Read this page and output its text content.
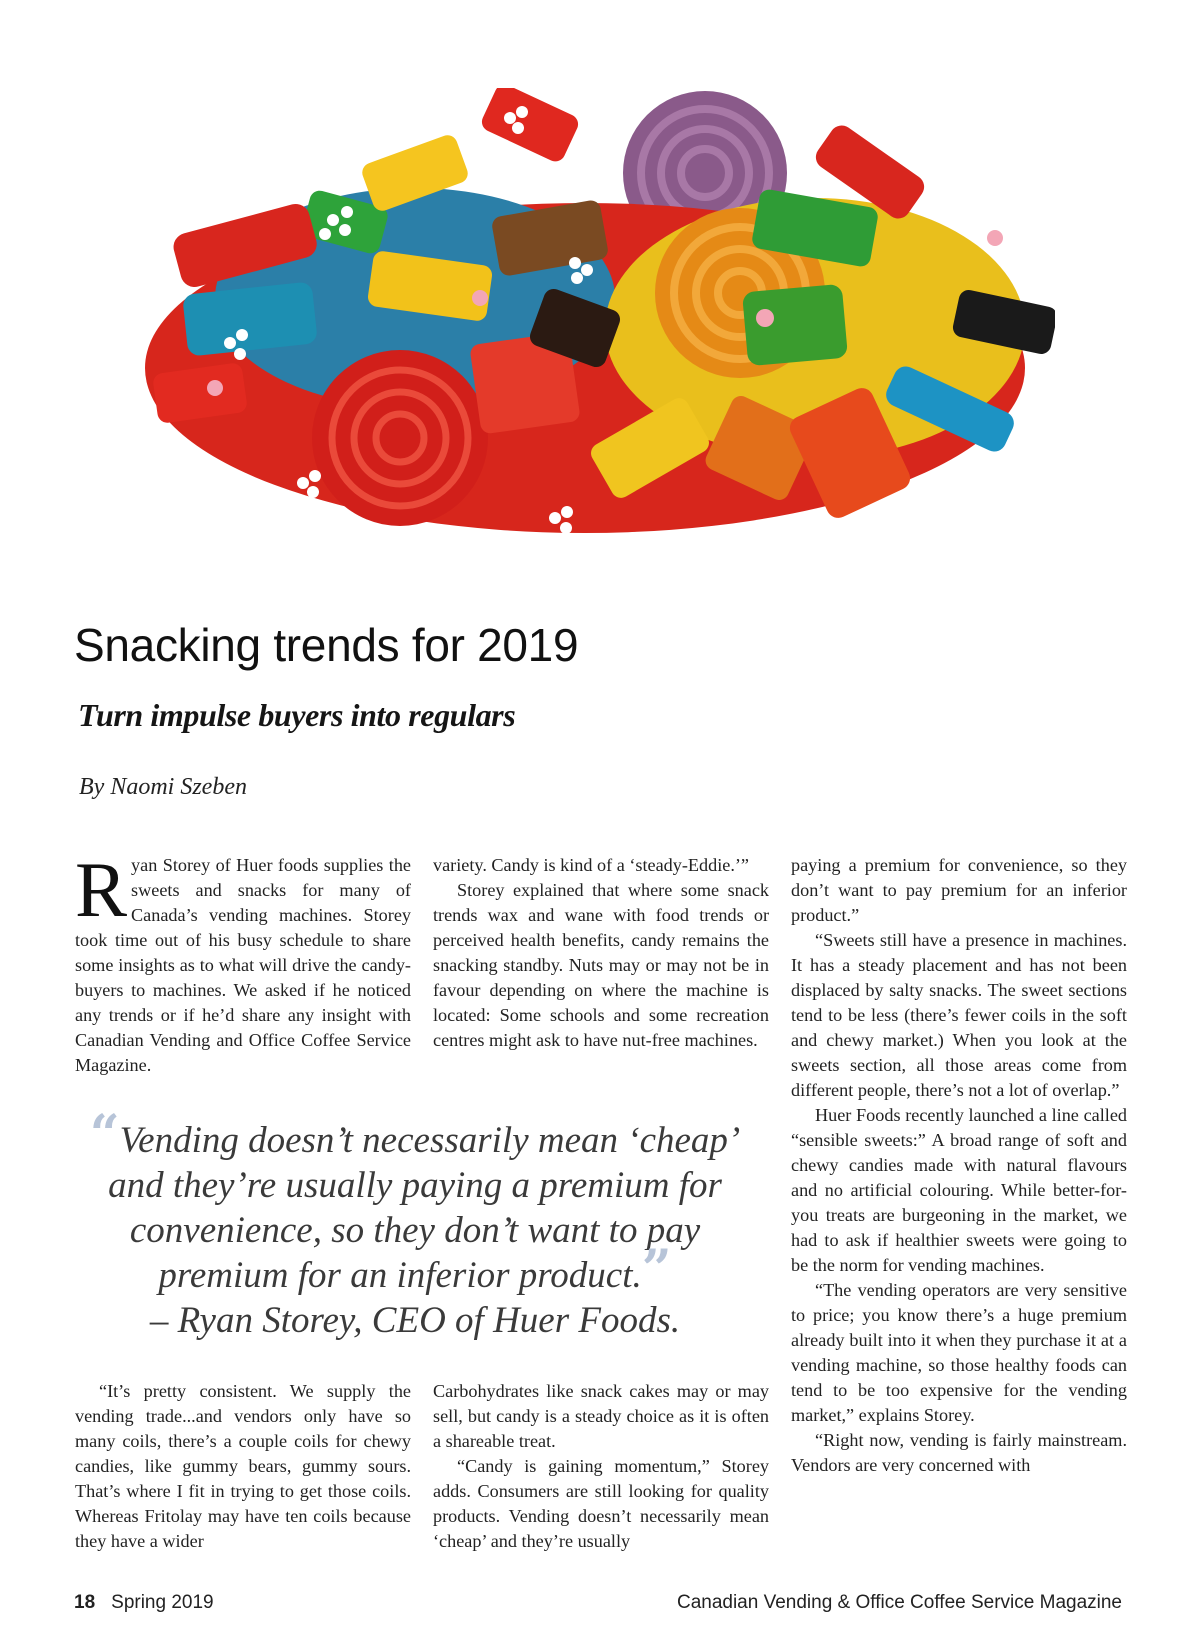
Snacking trends for 2019
Turn impulse buyers into regulars
By Naomi Szeben
R yan Storey of Huer foods supplies the sweets and snacks for many of Canada’s vending machines. Storey took time out of his busy schedule to share some insights as to what will drive the candy-buyers to machines. We asked if he noticed any trends or if he’d share any insight with Canadian Vending and Office Coffee Service Magazine.

variety. Candy is kind of a ‘steady-Eddie.’”

Storey explained that where some snack trends wax and wane with food trends or perceived health benefits, candy remains the snacking standby. Nuts may or may not be in favour depending on where the machine is located: Some schools and some recreation centres might ask to have nut-free machines.

paying a premium for convenience, so they don’t want to pay premium for an inferior product.”

“Sweets still have a presence in machines. It has a steady placement and has not been displaced by salty snacks. The sweet sections tend to be less (there’s fewer coils in the soft and chewy market.) When you look at the sweets section, all those areas come from different people, there’s not a lot of overlap.”

Huer Foods recently launched a line called “sensible sweets:” A broad range of soft and chewy candies made with natural flavours and no artificial colouring. While better-for-you treats are burgeoning in the market, we had to ask if healthier sweets were going to be the norm for vending machines.

“The vending operators are very sensitive to price; you know there’s a huge premium already built into it when they purchase it at a vending machine, so those healthy foods can tend to be too expensive for the vending market,” explains Storey.

“Right now, vending is fairly mainstream. Vendors are very concerned with

“Vending doesn’t necessarily mean ‘cheap’ and they’re usually paying a premium for convenience, so they don’t want to pay premium for an inferior product.”
– Ryan Storey, CEO of Huer Foods.

“It’s pretty consistent. We supply the vending trade...and vendors only have so many coils, there’s a couple coils for chewy candies, like gummy bears, gummy sours. That’s where I fit in trying to get those coils. Whereas Fritolay may have ten coils because they have a wider

Carbohydrates like snack cakes may or may sell, but candy is a steady choice as it is often a shareable treat.

“Candy is gaining momentum,” Storey adds. Consumers are still looking for quality products. Vending doesn’t necessarily mean ‘cheap’ and they’re usually

18 Spring 2019	Canadian Vending & Office Coffee Service Magazine
